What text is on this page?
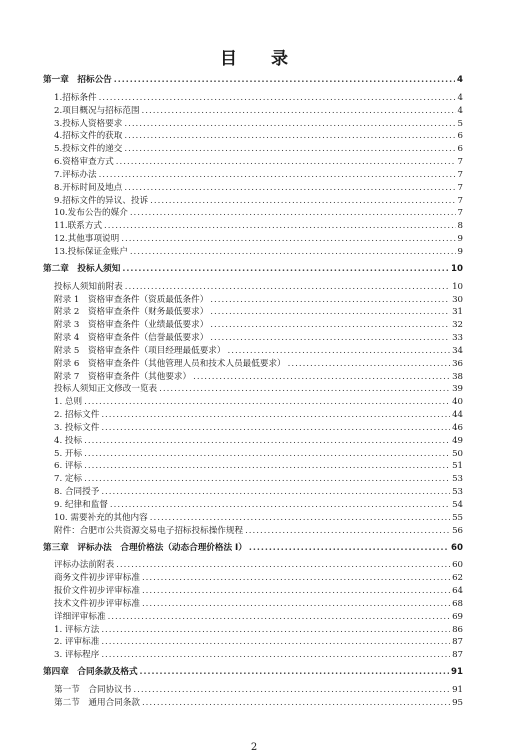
目 录
第一章　招标公告 .....	4
1.招标条件 .....	4
2.项目概况与招标范围 .....	4
3.投标人资格要求 .....	5
4.招标文件的获取 .....	6
5.投标文件的递交 .....	6
6.资格审查方式 .....	7
7.评标办法 .....	7
8.开标时间及地点 .....	7
9.招标文件的异议、投诉 .....	7
10.发布公告的媒介 .....	7
11.联系方式 .....	8
12.其他事项说明 .....	9
13.投标保证金账户 .....	9
第二章　投标人须知 .....	10
投标人须知前附表 .....	10
附录 1　资格审查条件（资质最低条件） .....	30
附录 2　资格审查条件（财务最低要求） .....	31
附录 3　资格审查条件（业绩最低要求） .....	32
附录 4　资格审查条件（信誉最低要求） .....	33
附录 5　资格审查条件（项目经理最低要求） .....	34
附录 6　资格审查条件（其他管理人员和技术人员最低要求） .....	36
附录 7　资格审查条件（其他要求） .....	38
投标人须知正文修改一览表 .....	39
1. 总则 .....	40
2. 招标文件 .....	44
3. 投标文件 .....	46
4. 投标 .....	49
5. 开标 .....	50
6. 评标 .....	51
7. 定标 .....	53
8. 合同授予 .....	53
9. 纪律和监督 .....	54
10. 需要补充的其他内容 .....	55
附件：合肥市公共资源交易电子招标投标操作规程 .....	56
第三章　评标办法　合理价格法（动态合理价格法 I） .....	60
评标办法前附表 .....	60
商务文件初步评审标准 .....	62
报价文件初步评审标准 .....	64
技术文件初步评审标准 .....	68
详细评审标准 .....	69
1. 评标方法 .....	86
2. 评审标准 .....	87
3. 评标程序 .....	87
第四章　合同条款及格式 .....	91
第一节　合同协议书 .....	91
第二节　通用合同条款 .....	95
2
